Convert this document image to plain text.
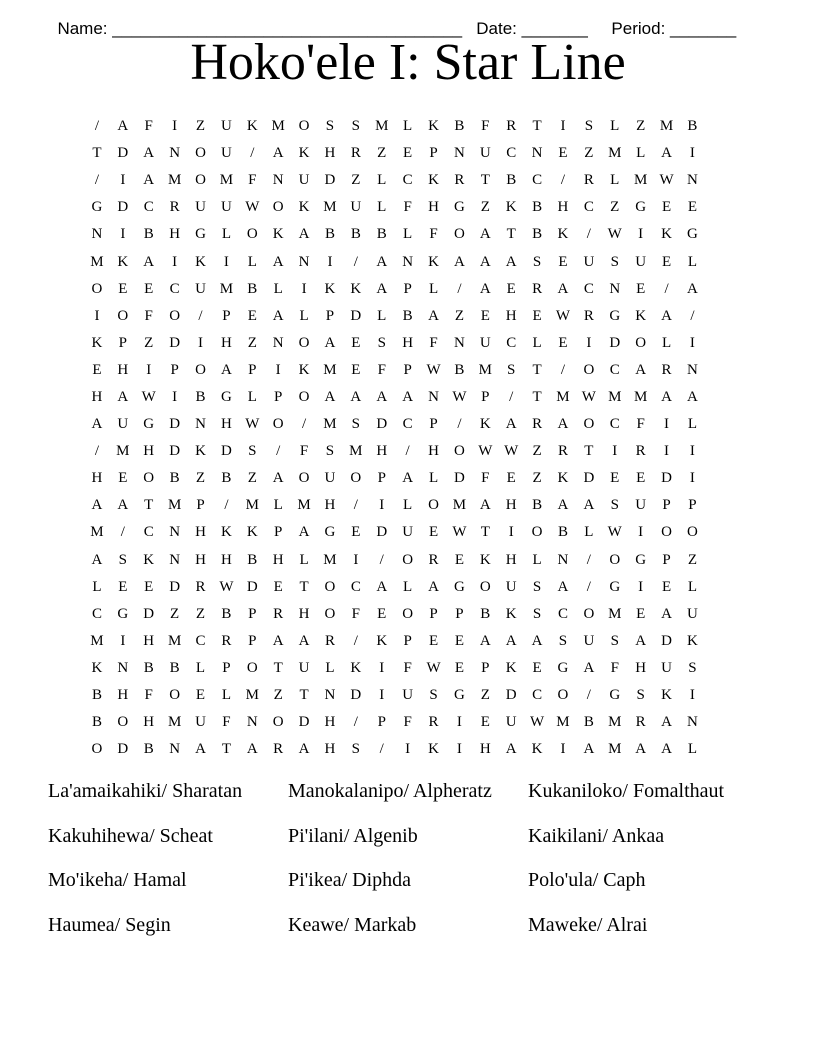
Name: _____________________________________ Date: _______ Period: _______

Hoko'ele I: Star Line
/	A	F	I	Z	U	K M O	S	S	M L	K	B	F	R	T	I	S	L	Z M B
T	D	A	N	O	U	/	A	K	H	R	Z	E	P	N	U	C	N	E	Z M L	A	I
/	I	A M O M	F	N	U	D	Z	L	C	K	R	T	B	C	/	R	L M W N
G	D	C	R	U	U W O	K M U	L	F	H	G	Z	K	B	H	C	Z	G	E	E
N	I	B	H	G	L	O	K	A	B	B	B	L	F	O	A	T	B	K	/	W	I	K	G
M K	A	I	K	I	L	A	N	I	/	A	N	K	A	A	A	S	E	U	S	U	E	L
O	E	E	C	U M B	L	I	K	K	A	P	L	/	A	E	R	A	C	N	E	/	A
I	O	F	O	/	P	E	A	L	P	D	L	B	A	Z	E	H	E W R	G	K	A	/
K	P	Z	D	I	H	Z	N	O	A	E	S	H	F	N	U	C	L	E	I	D	O	L	I
E	H	I	P	O	A	P	I	K M E	F	P W B M	S	T	/	O	C	A	R	N
H	A W	I	B	G	L	P	O	A	A	A	A	N W P	/	T M W M M A	A
A	U	G	D	N	H W O	/	M	S	D	C	P	/	K	A	R	A	O	C	F	I	L
/	M H	D	K	D	S	/	F	S	M H	/	H	O W W Z	R	T	I	R	I	I
H	E	O	B	Z	B	Z	A	O	U	O	P	A	L	D	F	E	Z	K	D	E	E	D	I
A	A	T M	P	/	M L M H	/	I	L	O M A	H	B	A	A	S	U	P	P
M	/	C	N	H	K	K	P	A	G	E	D	U	E W T	I	O	B	L W	I	O	O
A	S	K	N	H	H	B	H	L M	I	/	O	R	E	K	H	L	N	/	O	G	P	Z
L	E	E	D	R W D	E	T	O	C	A	L	A	G	O	U	S	A	/	G	I	E	L
C	G	D	Z	Z	B	P	R	H	O	F	E	O	P	P	B	K	S	C	O M E	A	U
M	I	H M C	R	P	A	A	R	/	K	P	E	E	A	A	A	S	U	S	A	D	K
K	N	B	B	L	P	O	T	U	L	K	I	F W E	P	K	E	G	A	F	H	U	S
B	H	F	O	E	L M Z	T	N	D	I	U	S	G	Z	D	C	O	/	G	S	K	I
B	O	H M U	F	N	O	D	H	/	P	F	R	I	E	U W M B M R	A	N
O	D	B	N	A	T	A	R	A	H	S	/	I	K	I	H	A	K	I	A M A	A	L
La'amaikahiki/ Sharatan	Manokalanipo/ Alpheratz	Kukaniloko/ Fomalthaut
Kakuhihewa/ Scheat	Pi'ilani/ Algenib	Kaikilani/ Ankaa
Mo'ikeha/ Hamal	Pi'ikea/ Diphda	Polo'ula/ Caph
Haumea/ Segin	Keawe/ Markab	Maweke/ Alrai
